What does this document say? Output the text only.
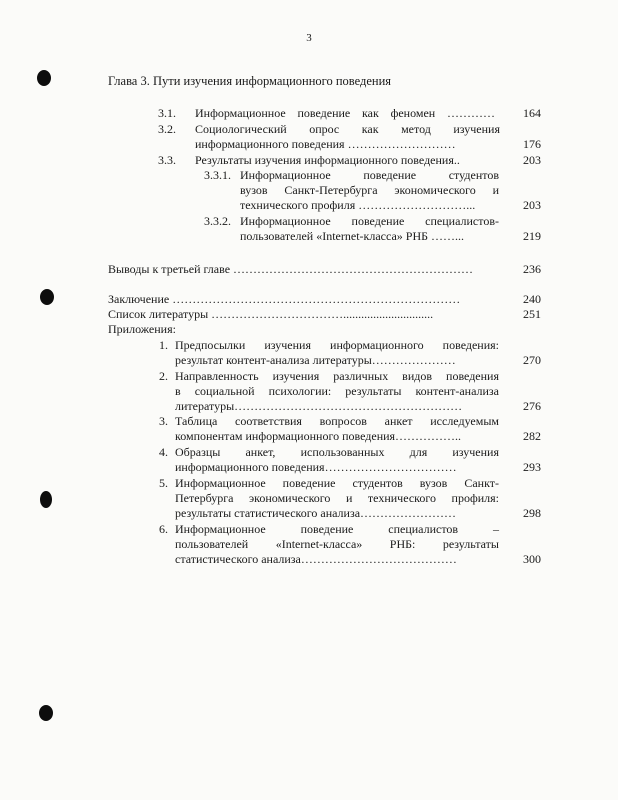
3
Глава 3. Пути изучения информационного поведения
3.1. Информационное поведение как феномен …………	164
3.2. Социологический опрос как метод изучения
информационного поведения ………………………	176
3.3. Результаты изучения информационного поведения..	203
3.3.1. Информационное поведение студентов
вузов Санкт-Петербурга экономического и
технического профиля ………………………...	203
3.3.2. Информационное поведение специалистов-
пользователей «Internet-класса» РНБ ……...	219
Выводы к третьей главе ……………………………………………………	236
Заключение ………………………………………………………………	240
Список литературы ……………………………..............................	251
Приложения:
1. Предпосылки изучения информационного поведения:
результат контент-анализа литературы…………………	270
2. Направленность изучения различных видов поведения
в социальной психологии: результаты контент-анализа
литературы…………………………………………………	276
3. Таблица соответствия вопросов анкет исследуемым
компонентам информационного поведения……………..	282
4. Образцы анкет, использованных для изучения
информационного поведения……………………………	293
5. Информационное поведение студентов вузов Санкт-
Петербурга экономического и технического профиля:
результаты статистического анализа……………………	298
6. Информационное поведение специалистов –
пользователей «Internet-класса» РНБ: результаты
статистического анализа…………………………………	300
